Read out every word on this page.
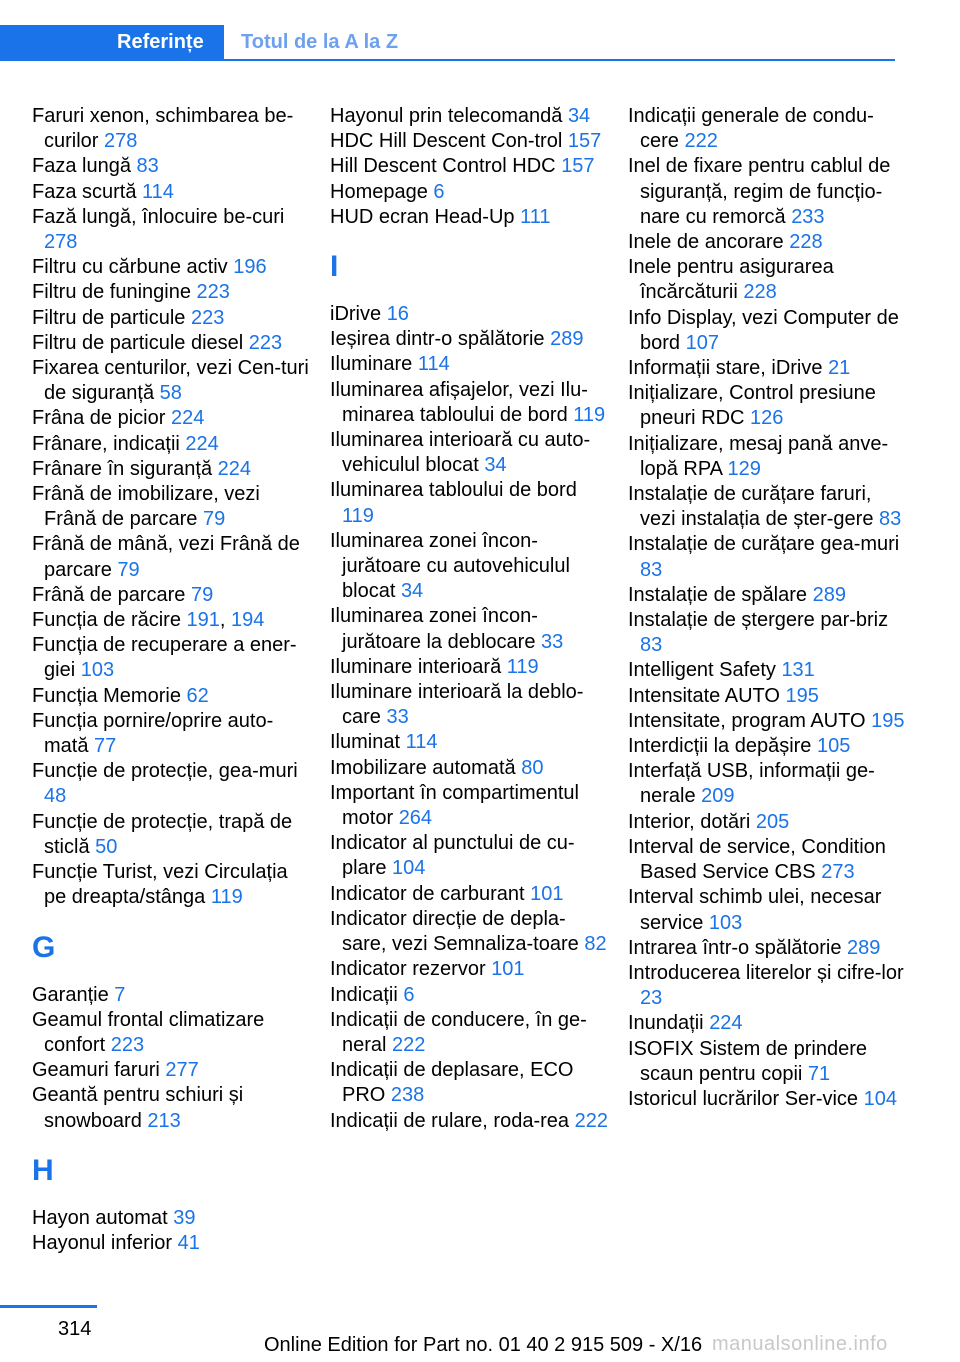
Referințe	Totul de la A la Z
Faruri xenon, schimbarea be-curilor 278
Faza lungă 83
Faza scurtă 114
Fază lungă, înlocuire be-curi 278
Filtru cu cărbune activ 196
Filtru de funingine 223
Filtru de particule 223
Filtru de particule diesel 223
Fixarea centurilor, vezi Cen-turi de siguranță 58
Frâna de picior 224
Frânare, indicații 224
Frânare în siguranță 224
Frână de imobilizare, vezi Frână de parcare 79
Frână de mână, vezi Frână de parcare 79
Frână de parcare 79
Funcția de răcire 191, 194
Funcția de recuperare a ener-giei 103
Funcția Memorie 62
Funcția pornire/oprire auto-mată 77
Funcție de protecție, gea-muri 48
Funcție de protecție, trapă de sticlă 50
Funcție Turist, vezi Circulația pe dreapta/stânga 119
G
Garanție 7
Geamul frontal climatizare confort 223
Geamuri faruri 277
Geantă pentru schiuri și snowboard 213
H
Hayon automat 39
Hayonul inferior 41
Hayonul prin telecomandă 34
HDC Hill Descent Con-trol 157
Hill Descent Control HDC 157
Homepage 6
HUD ecran Head-Up 111
I
iDrive 16
Ieșirea dintr-o spălătorie 289
Iluminare 114
Iluminarea afișajelor, vezi Ilu-minarea tabloului de bord 119
Iluminarea interioară cu auto-vehiculul blocat 34
Iluminarea tabloului de bord 119
Iluminarea zonei încon-jurătoare cu autovehiculul blocat 34
Iluminarea zonei încon-jurătoare la deblocare 33
Iluminare interioară 119
Iluminare interioară la deblo-care 33
Iluminat 114
Imobilizare automată 80
Important în compartimentul motor 264
Indicator al punctului de cu-plare 104
Indicator de carburant 101
Indicator direcție de depla-sare, vezi Semnaliza-toare 82
Indicator rezervor 101
Indicații 6
Indicații de conducere, în ge-neral 222
Indicații de deplasare, ECO PRO 238
Indicații de rulare, roda-rea 222
Indicații generale de condu-cere 222
Inel de fixare pentru cablul de siguranță, regim de funcțio-nare cu remorcă 233
Inele de ancorare 228
Inele pentru asigurarea încărcăturii 228
Info Display, vezi Computer de bord 107
Informații stare, iDrive 21
Inițializare, Control presiune pneuri RDC 126
Inițializare, mesaj pană anve-lopă RPA 129
Instalație de curățare faruri, vezi instalația de șter-gere 83
Instalație de curățare gea-muri 83
Instalație de spălare 289
Instalație de ștergere par-briz 83
Intelligent Safety 131
Intensitate AUTO 195
Intensitate, program AUTO 195
Interdicții la depășire 105
Interfață USB, informații ge-nerale 209
Interior, dotări 205
Interval de service, Condition Based Service CBS 273
Interval schimb ulei, necesar service 103
Intrarea într-o spălătorie 289
Introducerea literelor și cifre-lor 23
Inundații 224
ISOFIX Sistem de prindere scaun pentru copii 71
Istoricul lucrărilor Ser-vice 104
314
Online Edition for Part no. 01 40 2 915 509 - X/16 manualsonline.info
